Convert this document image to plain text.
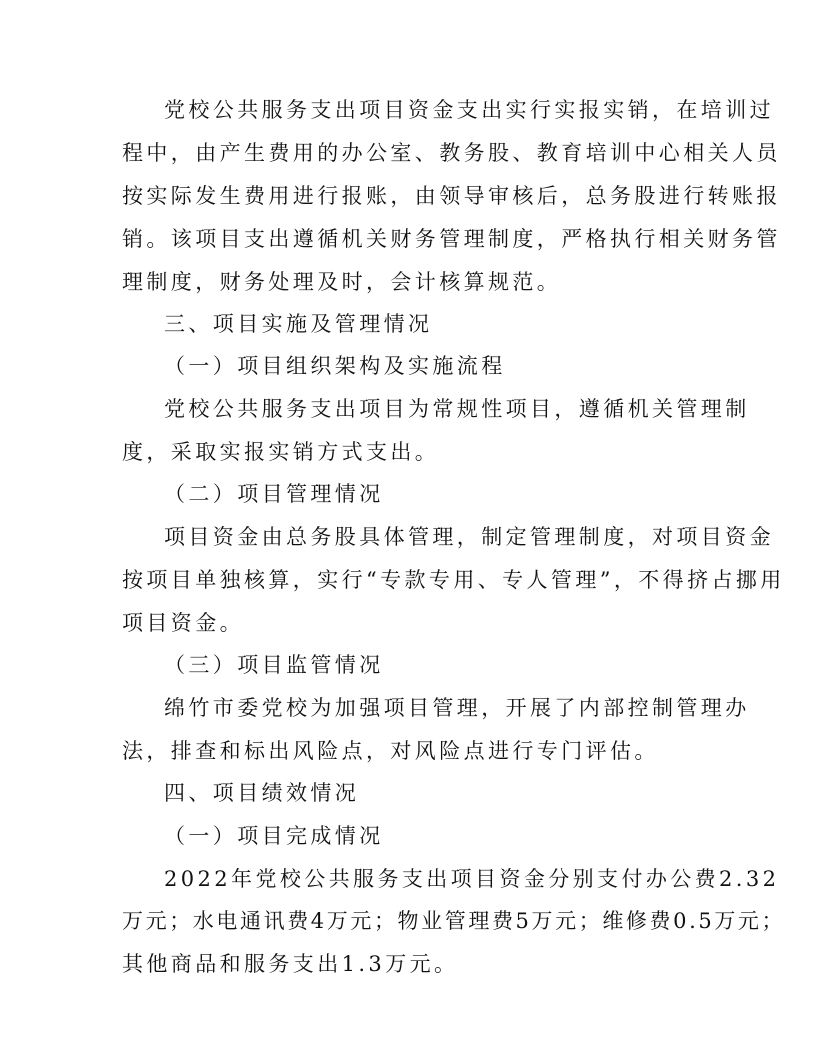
党校公共服务支出项目资金支出实行实报实销，在培训过
程中，由产生费用的办公室、教务股、教育培训中心相关人员
按实际发生费用进行报账，由领导审核后，总务股进行转账报
销。该项目支出遵循机关财务管理制度，严格执行相关财务管
理制度，财务处理及时，会计核算规范。
三、项目实施及管理情况
（一）项目组织架构及实施流程
党校公共服务支出项目为常规性项目，遵循机关管理制
度，采取实报实销方式支出。
（二）项目管理情况
项目资金由总务股具体管理，制定管理制度，对项目资金
按项目单独核算，实行“专款专用、专人管理”，不得挤占挪用
项目资金。
（三）项目监管情况
绵竹市委党校为加强项目管理，开展了内部控制管理办
法，排查和标出风险点，对风险点进行专门评估。
四、项目绩效情况
（一）项目完成情况
2022年党校公共服务支出项目资金分别支付办公费2.32
万元；水电通讯费4万元；物业管理费5万元；维修费0.5万元；
其他商品和服务支出1.3万元。
